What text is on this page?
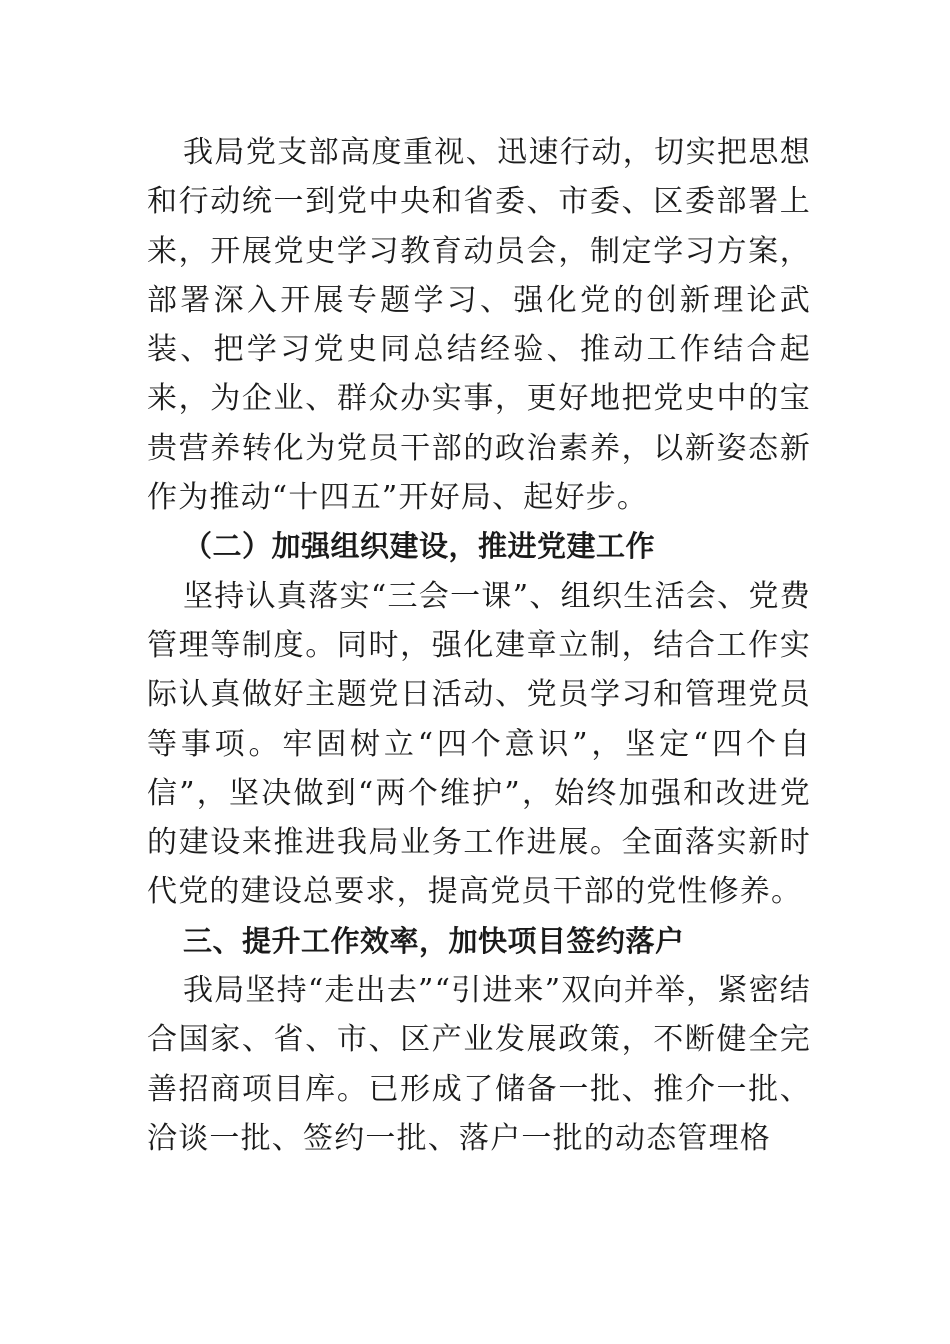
我局党支部高度重视、迅速行动，切实把思想和行动统一到党中央和省委、市委、区委部署上来，开展党史学习教育动员会，制定学习方案，部署深入开展专题学习、强化党的创新理论武装、把学习党史同总结经验、推动工作结合起来，为企业、群众办实事，更好地把党史中的宝贵营养转化为党员干部的政治素养，以新姿态新作为推动“十四五”开好局、起好步。

（二）加强组织建设，推进党建工作

坚持认真落实“三会一课”、组织生活会、党费管理等制度。同时，强化建章立制，结合工作实际认真做好主题党日活动、党员学习和管理党员等事项。牢固树立“四个意识”，坚定“四个自信”，坚决做到“两个维护”，始终加强和改进党的建设来推进我局业务工作进展。全面落实新时代党的建设总要求，提高党员干部的党性修养。

三、提升工作效率，加快项目签约落户

我局坚持“走出去”“引进来”双向并举，紧密结合国家、省、市、区产业发展政策，不断健全完善招商项目库。已形成了储备一批、推介一批、洽谈一批、签约一批、落户一批的动态管理格
